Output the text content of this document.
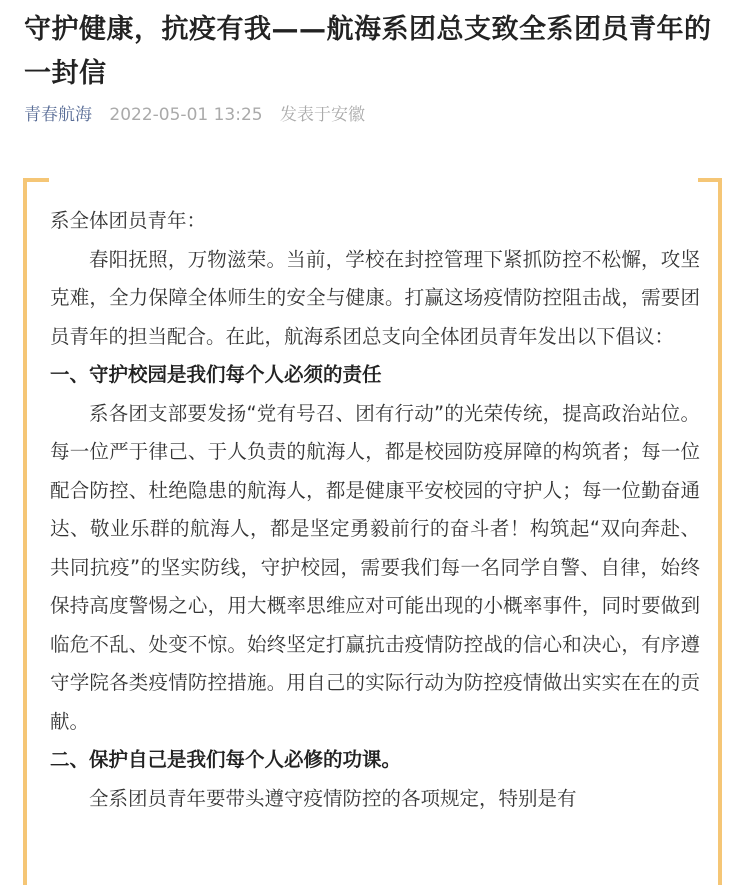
守护健康，抗疫有我——航海系团总支致全系团员青年的一封信
青春航海 2022-05-01 13:25 发表于安徽

系全体团员青年：

春阳抚照，万物滋荣。当前，学校在封控管理下紧抓防控不松懈，攻坚克难，全力保障全体师生的安全与健康。打赢这场疫情防控阻击战，需要团员青年的担当配合。在此，航海系团总支向全体团员青年发出以下倡议：

一、守护校园是我们每个人必须的责任

系各团支部要发扬“党有号召、团有行动”的光荣传统，提高政治站位。每一位严于律己、于人负责的航海人，都是校园防疫屏障的构筑者；每一位配合防控、杜绝隐患的航海人，都是健康平安校园的守护人；每一位勤奋通达、敬业乐群的航海人，都是坚定勇毅前行的奋斗者！构筑起“双向奔赴、共同抗疫”的坚实防线，守护校园，需要我们每一名同学自警、自律，始终保持高度警惕之心，用大概率思维应对可能出现的小概率事件，同时要做到临危不乱、处变不惊。始终坚定打赢抗击疫情防控战的信心和决心，有序遵守学院各类疫情防控措施。用自己的实际行动为防控疫情做出实实在在的贡献。

二、保护自己是我们每个人必修的功课。

全系团员青年要带头遵守疫情防控的各项规定，特别是有
